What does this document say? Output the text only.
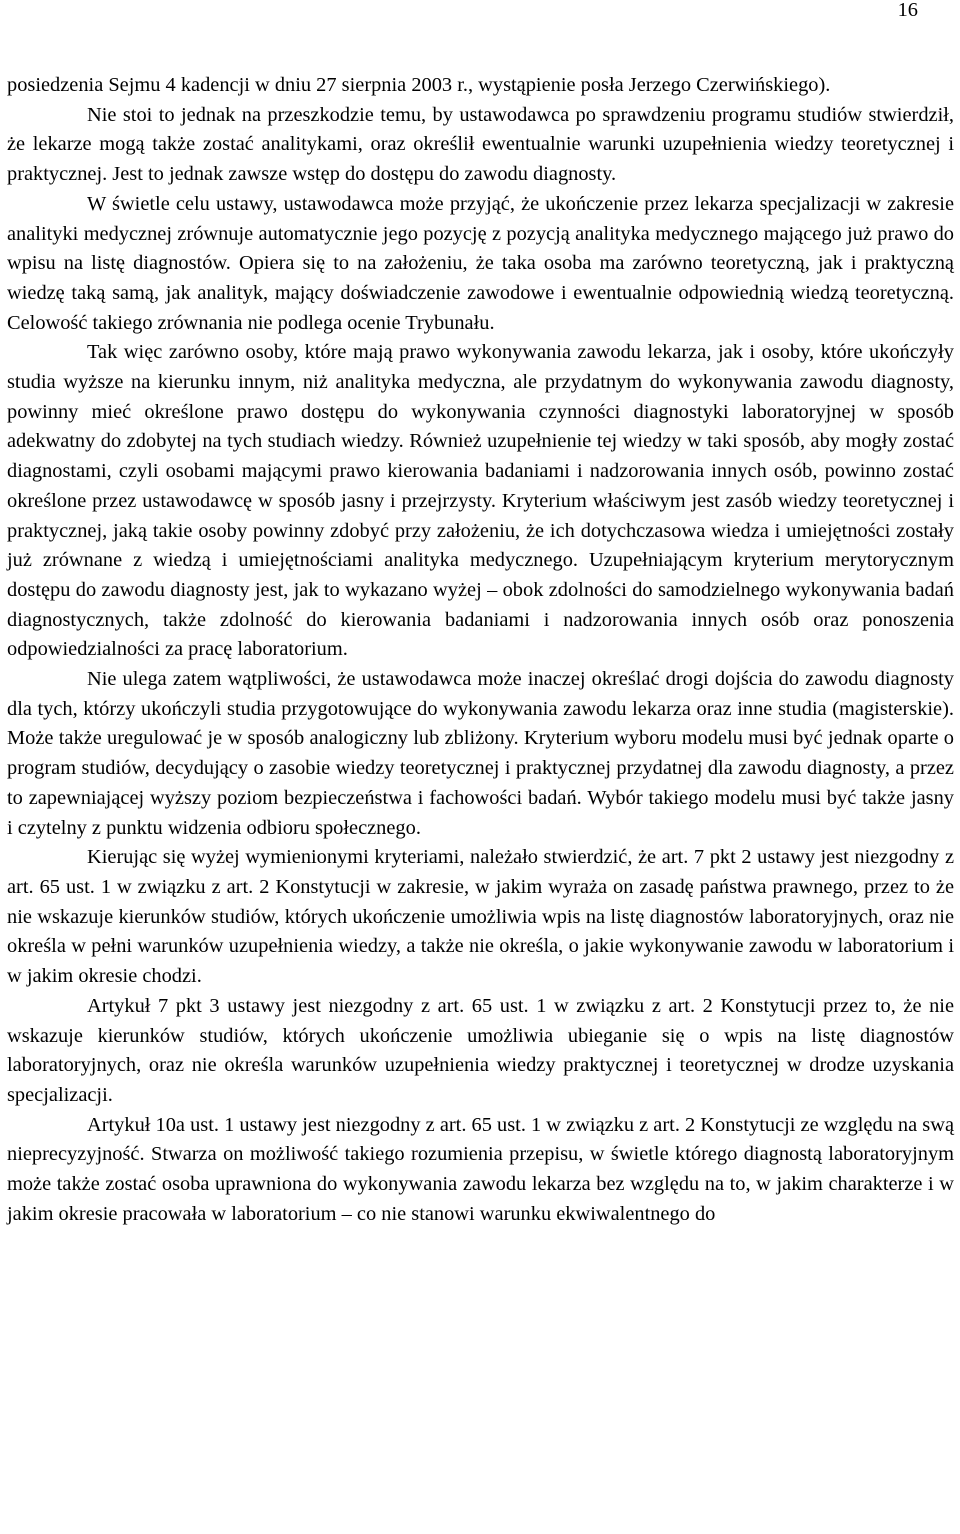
16

posiedzenia Sejmu 4 kadencji w dniu 27 sierpnia 2003 r., wystąpienie posła Jerzego Czerwińskiego).

Nie stoi to jednak na przeszkodzie temu, by ustawodawca po sprawdzeniu programu studiów stwierdził, że lekarze mogą także zostać analitykami, oraz określił ewentualnie warunki uzupełnienia wiedzy teoretycznej i praktycznej. Jest to jednak zawsze wstęp do dostępu do zawodu diagnosty.

W świetle celu ustawy, ustawodawca może przyjąć, że ukończenie przez lekarza specjalizacji w zakresie analityki medycznej zrównuje automatycznie jego pozycję z pozycją analityka medycznego mającego już prawo do wpisu na listę diagnostów. Opiera się to na założeniu, że taka osoba ma zarówno teoretyczną, jak i praktyczną wiedzę taką samą, jak analityk, mający doświadczenie zawodowe i ewentualnie odpowiednią wiedzą teoretyczną. Celowość takiego zrównania nie podlega ocenie Trybunału.

Tak więc zarówno osoby, które mają prawo wykonywania zawodu lekarza, jak i osoby, które ukończyły studia wyższe na kierunku innym, niż analityka medyczna, ale przydatnym do wykonywania zawodu diagnosty, powinny mieć określone prawo dostępu do wykonywania czynności diagnostyki laboratoryjnej w sposób adekwatny do zdobytej na tych studiach wiedzy. Również uzupełnienie tej wiedzy w taki sposób, aby mogły zostać diagnostami, czyli osobami mającymi prawo kierowania badaniami i nadzorowania innych osób, powinno zostać określone przez ustawodawcę w sposób jasny i przejrzysty. Kryterium właściwym jest zasób wiedzy teoretycznej i praktycznej, jaką takie osoby powinny zdobyć przy założeniu, że ich dotychczasowa wiedza i umiejętności zostały już zrównane z wiedzą i umiejętnościami analityka medycznego. Uzupełniającym kryterium merytorycznym dostępu do zawodu diagnosty jest, jak to wykazano wyżej – obok zdolności do samodzielnego wykonywania badań diagnostycznych, także zdolność do kierowania badaniami i nadzorowania innych osób oraz ponoszenia odpowiedzialności za pracę laboratorium.

Nie ulega zatem wątpliwości, że ustawodawca może inaczej określać drogi dojścia do zawodu diagnosty dla tych, którzy ukończyli studia przygotowujące do wykonywania zawodu lekarza oraz inne studia (magisterskie). Może także uregulować je w sposób analogiczny lub zbliżony. Kryterium wyboru modelu musi być jednak oparte o program studiów, decydujący o zasobie wiedzy teoretycznej i praktycznej przydatnej dla zawodu diagnosty, a przez to zapewniającej wyższy poziom bezpieczeństwa i fachowości badań. Wybór takiego modelu musi być także jasny i czytelny z punktu widzenia odbioru społecznego.

Kierując się wyżej wymienionymi kryteriami, należało stwierdzić, że art. 7 pkt 2 ustawy jest niezgodny z art. 65 ust. 1 w związku z art. 2 Konstytucji w zakresie, w jakim wyraża on zasadę państwa prawnego, przez to że nie wskazuje kierunków studiów, których ukończenie umożliwia wpis na listę diagnostów laboratoryjnych, oraz nie określa w pełni warunków uzupełnienia wiedzy, a także nie określa, o jakie wykonywanie zawodu w laboratorium i w jakim okresie chodzi.

Artykuł 7 pkt 3 ustawy jest niezgodny z art. 65 ust. 1 w związku z art. 2 Konstytucji przez to, że nie wskazuje kierunków studiów, których ukończenie umożliwia ubieganie się o wpis na listę diagnostów laboratoryjnych, oraz nie określa warunków uzupełnienia wiedzy praktycznej i teoretycznej w drodze uzyskania specjalizacji.

Artykuł 10a ust. 1 ustawy jest niezgodny z art. 65 ust. 1 w związku z art. 2 Konstytucji ze względu na swą nieprecyzyjność. Stwarza on możliwość takiego rozumienia przepisu, w świetle którego diagnostą laboratoryjnym może także zostać osoba uprawniona do wykonywania zawodu lekarza bez względu na to, w jakim charakterze i w jakim okresie pracowała w laboratorium – co nie stanowi warunku ekwiwalentnego do
